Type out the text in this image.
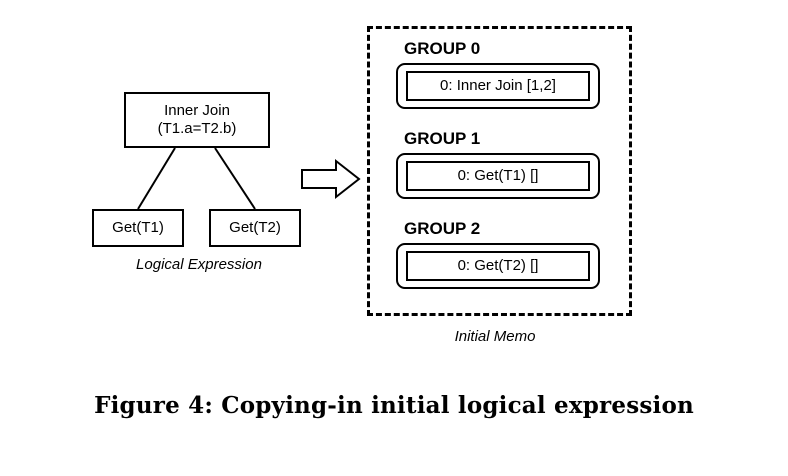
Inner Join
(T1.a=T2.b)
Get(T1)	Get(T2)
Logical Expression
GROUP 0
0: Inner Join [1,2]
GROUP 1
0: Get(T1) []
GROUP 2
0: Get(T2) []
Initial Memo
Figure 4: Copying-in initial logical expression
